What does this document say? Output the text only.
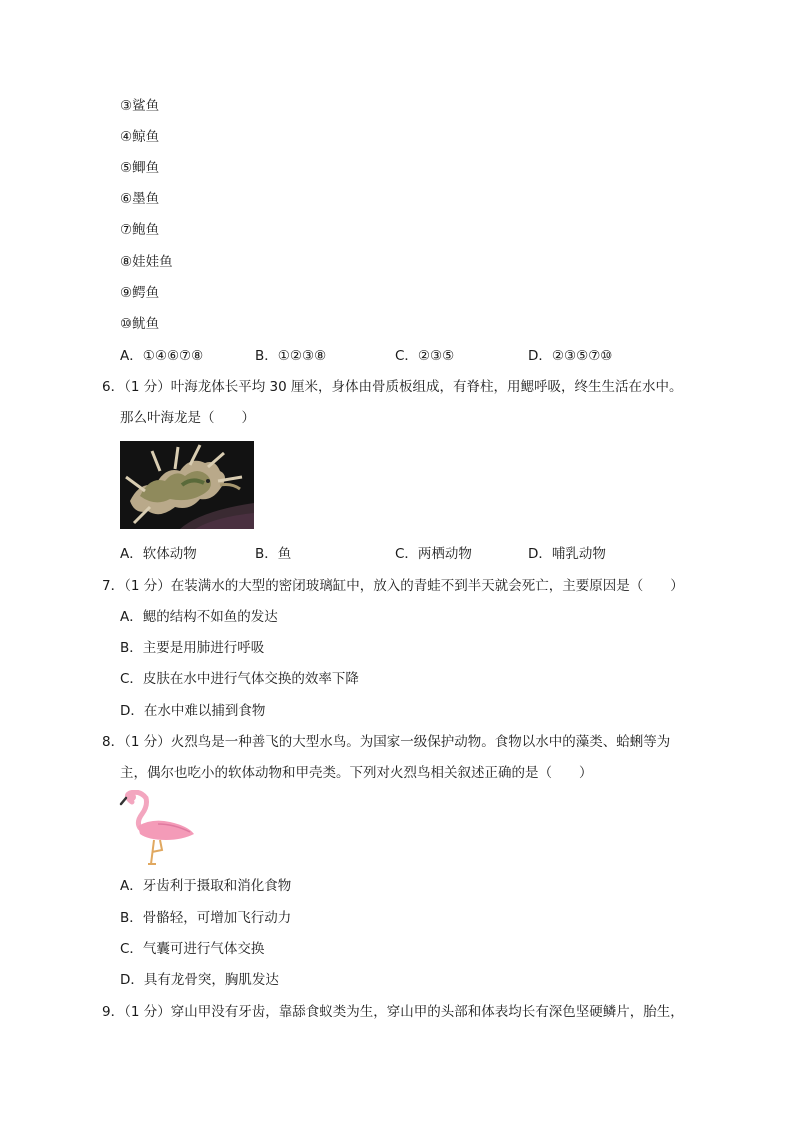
③鲨鱼
④鲸鱼
⑤鲫鱼
⑥墨鱼
⑦鲍鱼
⑧娃娃鱼
⑨鳄鱼
⑩鱿鱼
A．①④⑥⑦⑧	B．①②③⑧	C．②③⑤	D．②③⑤⑦⑩
6．（1 分）叶海龙体长平均 30 厘米，身体由骨质板组成，有脊柱，用鳃呼吸，终生生活在水中。
那么叶海龙是（　　）
A．软体动物	B．鱼	C．两栖动物	D．哺乳动物
7．（1 分）在装满水的大型的密闭玻璃缸中，放入的青蛙不到半天就会死亡，主要原因是（　　）
A．鳃的结构不如鱼的发达
B．主要是用肺进行呼吸
C．皮肤在水中进行气体交换的效率下降
D．在水中难以捕到食物
8．（1 分）火烈鸟是一种善飞的大型水鸟。为国家一级保护动物。食物以水中的藻类、蛤蜊等为
主，偶尔也吃小的软体动物和甲壳类。下列对火烈鸟相关叙述正确的是（　　）
A．牙齿利于摄取和消化食物
B．骨骼轻，可增加飞行动力
C．气囊可进行气体交换
D．具有龙骨突，胸肌发达
9．（1 分）穿山甲没有牙齿，靠舔食蚁类为生，穿山甲的头部和体表均长有深色坚硬鳞片，胎生，
